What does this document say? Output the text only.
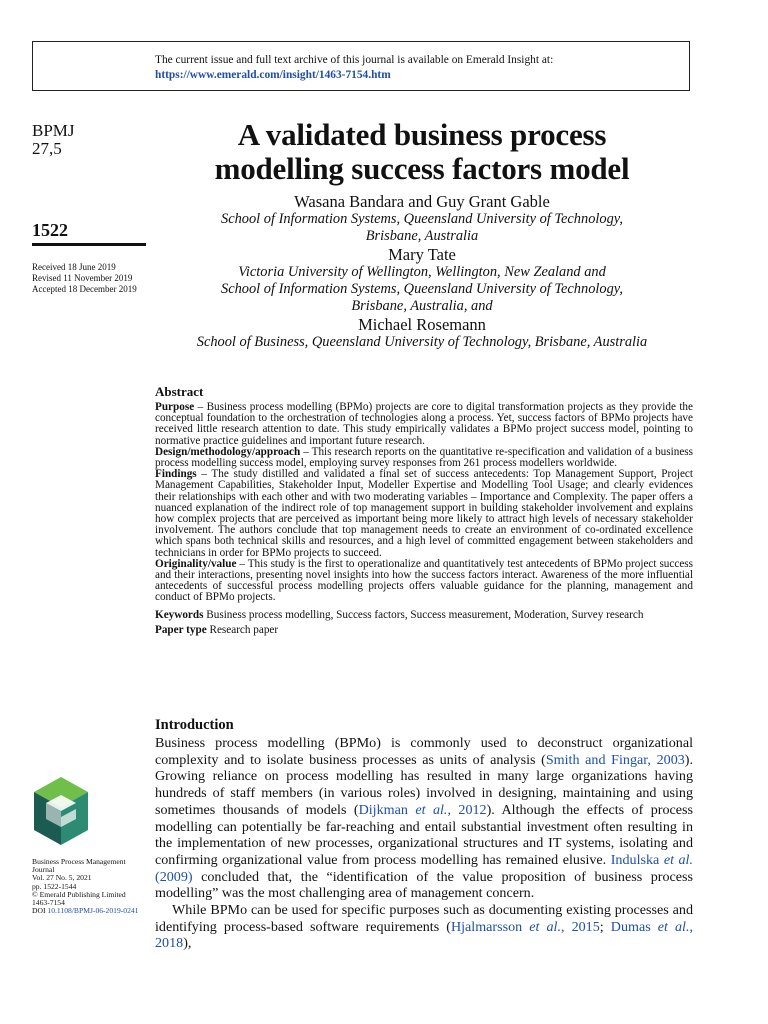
The current issue and full text archive of this journal is available on Emerald Insight at:
https://www.emerald.com/insight/1463-7154.htm
BPMJ
27,5
1522
Received 18 June 2019
Revised 11 November 2019
Accepted 18 December 2019
A validated business process
modelling success factors model
Wasana Bandara and Guy Grant Gable
School of Information Systems, Queensland University of Technology,
Brisbane, Australia
Mary Tate
Victoria University of Wellington, Wellington, New Zealand and
School of Information Systems, Queensland University of Technology,
Brisbane, Australia, and
Michael Rosemann
School of Business, Queensland University of Technology, Brisbane, Australia
Abstract

Purpose – Business process modelling (BPMo) projects are core to digital transformation projects as they provide the conceptual foundation to the orchestration of technologies along a process. Yet, success factors of BPMo projects have received little research attention to date. This study empirically validates a BPMo project success model, pointing to normative practice guidelines and important future research.

Design/methodology/approach – This research reports on the quantitative re-specification and validation of a business process modelling success model, employing survey responses from 261 process modellers worldwide.

Findings – The study distilled and validated a final set of success antecedents: Top Management Support, Project Management Capabilities, Stakeholder Input, Modeller Expertise and Modelling Tool Usage; and clearly evidences their relationships with each other and with two moderating variables – Importance and Complexity. The paper offers a nuanced explanation of the indirect role of top management support in building stakeholder involvement and explains how complex projects that are perceived as important being more likely to attract high levels of necessary stakeholder involvement. The authors conclude that top management needs to create an environment of co-ordinated excellence which spans both technical skills and resources, and a high level of committed engagement between stakeholders and technicians in order for BPMo projects to succeed.

Originality/value – This study is the first to operationalize and quantitatively test antecedents of BPMo project success and their interactions, presenting novel insights into how the success factors interact. Awareness of the more influential antecedents of successful process modelling projects offers valuable guidance for the planning, management and conduct of BPMo projects.

Keywords Business process modelling, Success factors, Success measurement, Moderation, Survey research
Paper type Research paper

Introduction

Business process modelling (BPMo) is commonly used to deconstruct organizational complexity and to isolate business processes as units of analysis (Smith and Fingar, 2003). Growing reliance on process modelling has resulted in many large organizations having hundreds of staff members (in various roles) involved in designing, maintaining and using sometimes thousands of models (Dijkman et al., 2012). Although the effects of process modelling can potentially be far-reaching and entail substantial investment often resulting in the implementation of new processes, organizational structures and IT systems, isolating and confirming organizational value from process modelling has remained elusive. Indulska et al. (2009) concluded that, the “identification of the value proposition of business process modelling” was the most challenging area of management concern.

While BPMo can be used for specific purposes such as documenting existing processes and identifying process-based software requirements (Hjalmarsson et al., 2015; Dumas et al., 2018),

Business Process Management Journal
Vol. 27 No. 5, 2021
pp. 1522-1544
© Emerald Publishing Limited
1463-7154
DOI 10.1108/BPMJ-06-2019-0241
